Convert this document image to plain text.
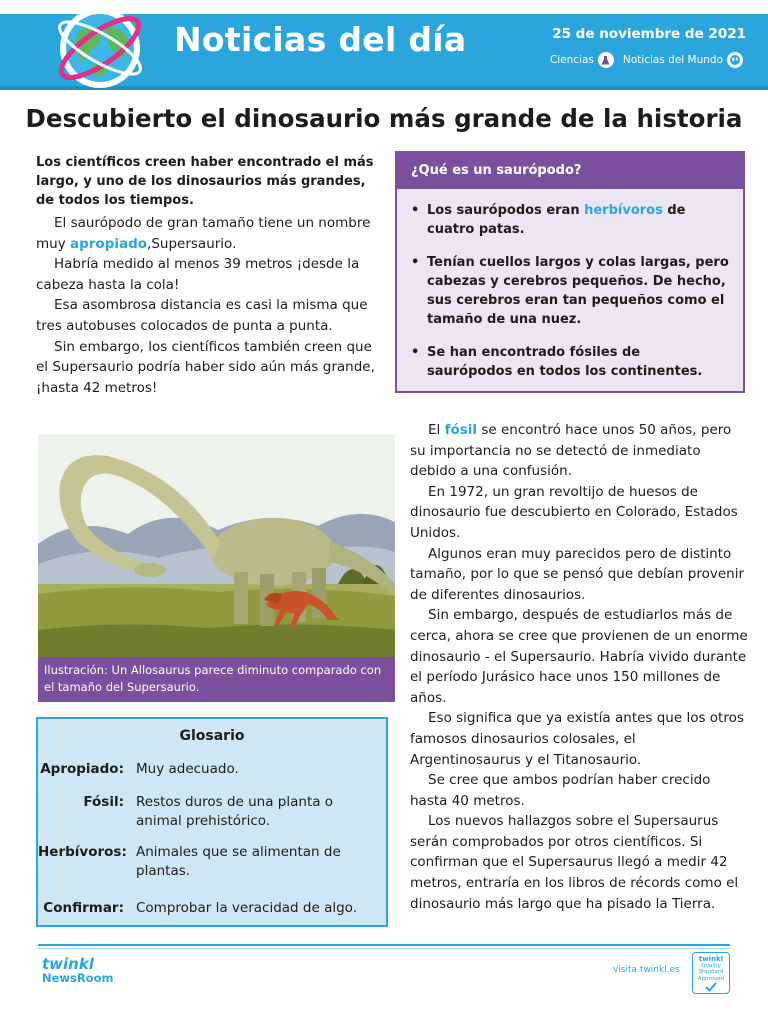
Noticias del día	25 de noviembre de 2021
Ciencias	Noticias del Mundo
Descubierto el dinosaurio más grande de la historia
Los científicos creen haber encontrado el más largo, y uno de los dinosaurios más grandes, de todos los tiempos.

El saurópodo de gran tamaño tiene un nombre muy apropiado,Supersaurio.

Habría medido al menos 39 metros ¡desde la cabeza hasta la cola!

Esa asombrosa distancia es casi la misma que tres autobuses colocados de punta a punta.

Sin embargo, los científicos también creen que el Supersaurio podría haber sido aún más grande, ¡hasta 42 metros!

¿Qué es un saurópodo?
• Los saurópodos eran herbívoros de cuatro patas.
• Tenían cuellos largos y colas largas, pero cabezas y cerebros pequeños. De hecho, sus cerebros eran tan pequeños como el tamaño de una nuez.
• Se han encontrado fósiles de saurópodos en todos los continentes.
Ilustración: Un Allosaurus parece diminuto comparado con el tamaño del Supersaurio.
Glosario
Apropiado: Muy adecuado.
Fósil: Restos duros de una planta o animal prehistórico.
Herbívoros: Animales que se alimentan de plantas.
Confirmar: Comprobar la veracidad de algo.

El fósil se encontró hace unos 50 años, pero su importancia no se detectó de inmediato debido a una confusión.

En 1972, un gran revoltijo de huesos de dinosaurio fue descubierto en Colorado, Estados Unidos.

Algunos eran muy parecidos pero de distinto tamaño, por lo que se pensó que debían provenir de diferentes dinosaurios.

Sin embargo, después de estudiarlos más de cerca, ahora se cree que provienen de un enorme dinosaurio - el Supersaurio. Habría vivido durante el período Jurásico hace unos 150 millones de años.

Eso significa que ya existía antes que los otros famosos dinosaurios colosales, el Argentinosaurus y el Titanosaurio.

Se cree que ambos podrían haber crecido hasta 40 metros.

Los nuevos hallazgos sobre el Supersaurus serán comprobados por otros científicos. Si confirman que el Supersaurus llegó a medir 42 metros, entraría en los libros de récords como el dinosaurio más largo que ha pisado la Tierra.

twinkl
NewsRoom
visita twinkl.es
twinkl
Quality Standard Approved
